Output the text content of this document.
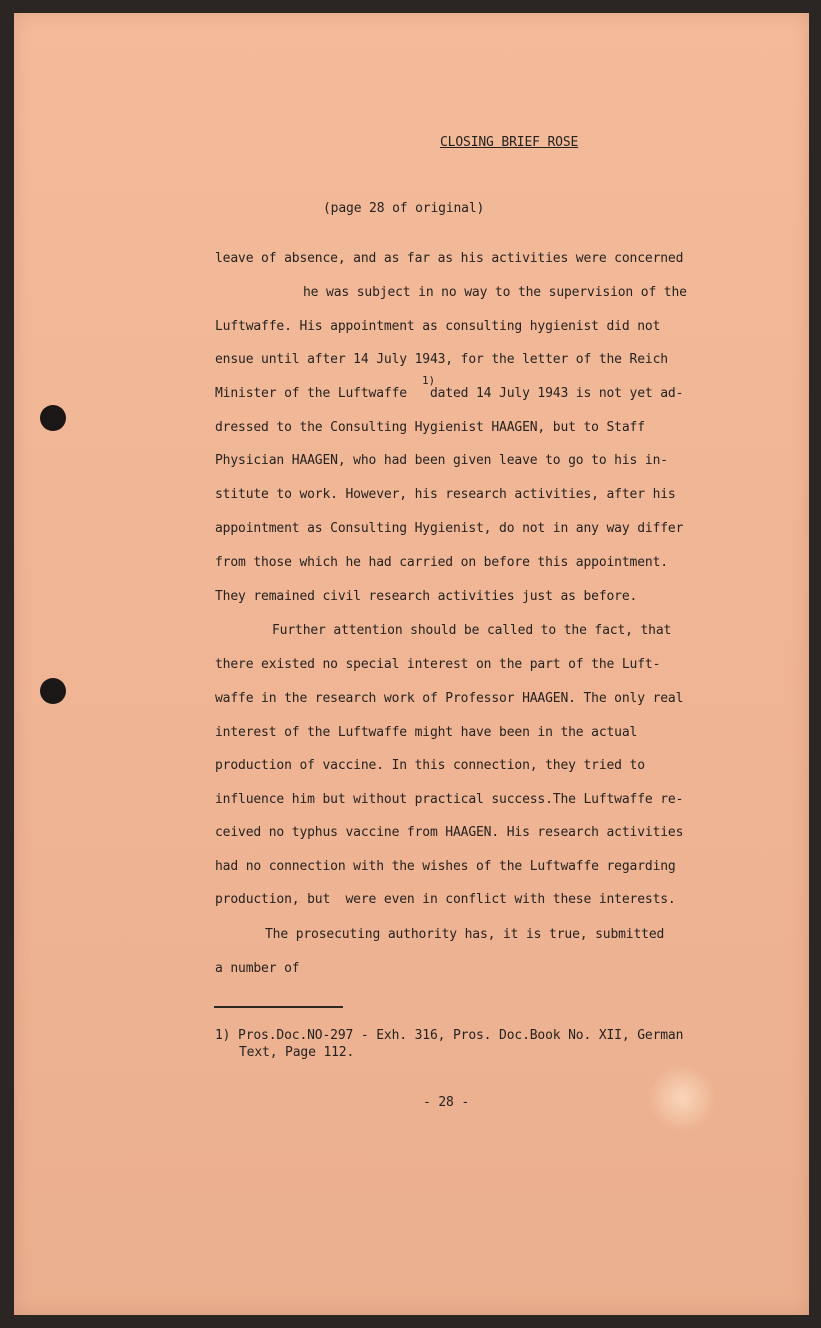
CLOSING BRIEF ROSE
(page 28 of original)
leave of absence, and as far as his activities were concerned
he was subject in no way to the supervision of the
Luftwaffe. His appointment as consulting hygienist did not
ensue until after 14 July 1943, for the letter of the Reich
1)
Minister of the Luftwaffe   dated 14 July 1943 is not yet ad-
dressed to the Consulting Hygienist HAAGEN, but to Staff
Physician HAAGEN, who had been given leave to go to his in-
stitute to work. However, his research activities, after his
appointment as Consulting Hygienist, do not in any way differ
from those which he had carried on before this appointment.
They remained civil research activities just as before.
Further attention should be called to the fact, that
there existed no special interest on the part of the Luft-
waffe in the research work of Professor HAAGEN. The only real
interest of the Luftwaffe might have been in the actual
production of vaccine. In this connection, they tried to
influence him but without practical success.The Luftwaffe re-
ceived no typhus vaccine from HAAGEN. His research activities
had no connection with the wishes of the Luftwaffe regarding
production, but  were even in conflict with these interests.
The prosecuting authority has, it is true, submitted
a number of
1) Pros.Doc.NO-297 - Exh. 316, Pros. Doc.Book No. XII, German
Text, Page 112.
- 28 -
